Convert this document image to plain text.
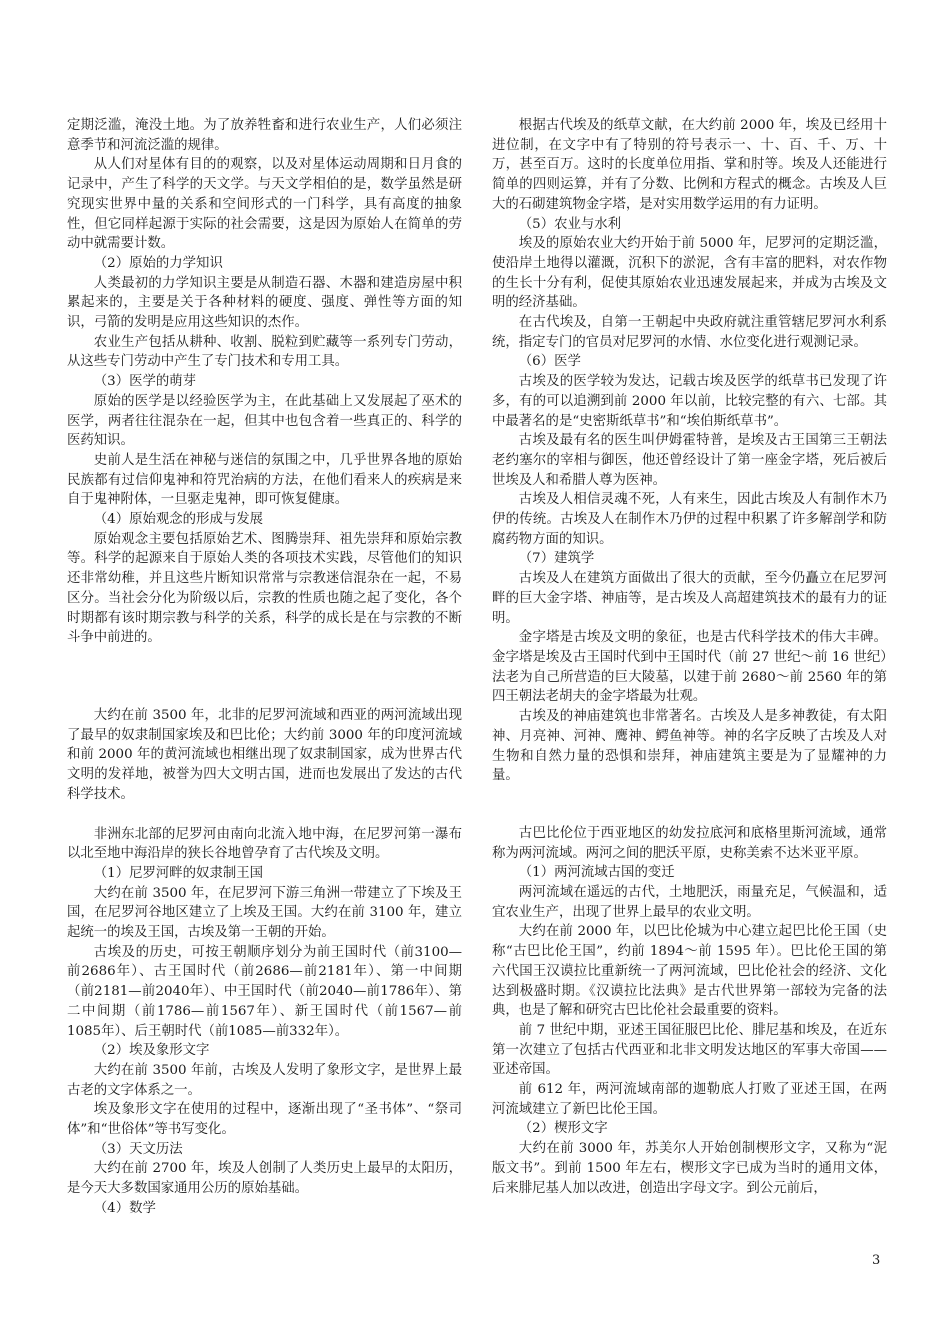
定期泛滥，淹没土地。为了放养牲畜和进行农业生产，人们必须注意季节和河流泛滥的规律。

从人们对星体有目的的观察，以及对星体运动周期和日月食的记录中，产生了科学的天文学。与天文学相伯的是，数学虽然是研究现实世界中量的关系和空间形式的一门科学，具有高度的抽象性，但它同样起源于实际的社会需要，这是因为原始人在简单的劳动中就需要计数。

（2）原始的力学知识

人类最初的力学知识主要是从制造石器、木器和建造房屋中积累起来的，主要是关于各种材料的硬度、强度、弹性等方面的知识，弓箭的发明是应用这些知识的杰作。

农业生产包括从耕种、收割、脱粒到贮藏等一系列专门劳动，从这些专门劳动中产生了专门技术和专用工具。

（3）医学的萌芽

原始的医学是以经验医学为主，在此基础上又发展起了巫术的医学，两者往往混杂在一起，但其中也包含着一些真正的、科学的医药知识。

史前人是生活在神秘与迷信的氛围之中，几乎世界各地的原始民族都有过信仰鬼神和符咒治病的方法，在他们看来人的疾病是来自于鬼神附体，一旦驱走鬼神，即可恢复健康。

（4）原始观念的形成与发展

原始观念主要包括原始艺术、图腾崇拜、祖先崇拜和原始宗教等。科学的起源来自于原始人类的各项技术实践，尽管他们的知识还非常幼稚，并且这些片断知识常常与宗教迷信混杂在一起，不易区分。当社会分化为阶级以后，宗教的性质也随之起了变化，各个时期都有该时期宗教与科学的关系，科学的成长是在与宗教的不断斗争中前进的。

大约在前 3500 年，北非的尼罗河流域和西亚的两河流域出现了最早的奴隶制国家埃及和巴比伦；大约前 3000 年的印度河流域和前 2000 年的黄河流域也相继出现了奴隶制国家，成为世界古代文明的发祥地，被誉为四大文明古国，进而也发展出了发达的古代科学技术。

非洲东北部的尼罗河由南向北流入地中海，在尼罗河第一瀑布以北至地中海沿岸的狭长谷地曾孕育了古代埃及文明。

（1）尼罗河畔的奴隶制王国

大约在前 3500 年，在尼罗河下游三角洲一带建立了下埃及王国，在尼罗河谷地区建立了上埃及王国。大约在前 3100 年，建立起统一的埃及王国，古埃及第一王朝的开始。

古埃及的历史，可按王朝顺序划分为前王国时代（前3100—前2686年）、古王国时代（前2686—前2181年）、第一中间期（前2181—前2040年）、中王国时代（前2040—前1786年）、第二中间期（前1786—前1567年）、新王国时代（前1567—前1085年）、后王朝时代（前1085—前332年）。

（2）埃及象形文字

大约在前 3500 年前，古埃及人发明了象形文字，是世界上最古老的文字体系之一。

埃及象形文字在使用的过程中，逐渐出现了“圣书体”、“祭司体”和“世俗体”等书写变化。

（3）天文历法

大约在前 2700 年，埃及人创制了人类历史上最早的太阳历，是今天大多数国家通用公历的原始基础。

（4）数学

根据古代埃及的纸草文献，在大约前 2000 年，埃及已经用十进位制，在文字中有了特别的符号表示一、十、百、千、万、十万，甚至百万。这时的长度单位用指、掌和肘等。埃及人还能进行简单的四则运算，并有了分数、比例和方程式的概念。古埃及人巨大的石砌建筑物金字塔，是对实用数学运用的有力证明。

（5）农业与水利

埃及的原始农业大约开始于前 5000 年，尼罗河的定期泛滥，使沿岸土地得以灌溉，沉积下的淤泥，含有丰富的肥料，对农作物的生长十分有利，促使其原始农业迅速发展起来，并成为古埃及文明的经济基础。

在古代埃及，自第一王朝起中央政府就注重管辖尼罗河水利系统，指定专门的官员对尼罗河的水情、水位变化进行观测记录。

（6）医学

古埃及的医学较为发达，记载古埃及医学的纸草书已发现了许多，有的可以追溯到前 2000 年以前，比较完整的有六、七部。其中最著名的是“史密斯纸草书”和“埃伯斯纸草书”。

古埃及最有名的医生叫伊姆霍特普，是埃及古王国第三王朝法老约塞尔的宰相与御医，他还曾经设计了第一座金字塔，死后被后世埃及人和希腊人尊为医神。

古埃及人相信灵魂不死，人有来生，因此古埃及人有制作木乃伊的传统。古埃及人在制作木乃伊的过程中积累了许多解剖学和防腐药物方面的知识。

（7）建筑学

古埃及人在建筑方面做出了很大的贡献，至今仍矗立在尼罗河畔的巨大金字塔、神庙等，是古埃及人高超建筑技术的最有力的证明。

金字塔是古埃及文明的象征，也是古代科学技术的伟大丰碑。金字塔是埃及古王国时代到中王国时代（前 27 世纪～前 16 世纪）法老为自己所营造的巨大陵墓，以建于前 2680～前 2560 年的第四王朝法老胡夫的金字塔最为壮观。

古埃及的神庙建筑也非常著名。古埃及人是多神教徒，有太阳神、月亮神、河神、鹰神、鳄鱼神等。神的名字反映了古埃及人对生物和自然力量的恐惧和崇拜，神庙建筑主要是为了显耀神的力量。

古巴比伦位于西亚地区的幼发拉底河和底格里斯河流域，通常称为两河流域。两河之间的肥沃平原，史称美索不达米亚平原。

（1）两河流域古国的变迁

两河流域在遥远的古代，土地肥沃，雨量充足，气候温和，适宜农业生产，出现了世界上最早的农业文明。

大约在前 2000 年，以巴比伦城为中心建立起巴比伦王国（史称“古巴比伦王国”，约前 1894～前 1595 年）。巴比伦王国的第六代国王汉谟拉比重新统一了两河流域，巴比伦社会的经济、文化达到极盛时期。《汉谟拉比法典》是古代世界第一部较为完备的法典，也是了解和研究古巴比伦社会最重要的资料。

前 7 世纪中期，亚述王国征服巴比伦、腓尼基和埃及，在近东第一次建立了包括古代西亚和北非文明发达地区的军事大帝国——亚述帝国。

前 612 年，两河流域南部的迦勒底人打败了亚述王国，在两河流域建立了新巴比伦王国。

（2）楔形文字

大约在前 3000 年，苏美尔人开始创制楔形文字，又称为“泥版文书”。到前 1500 年左右，楔形文字已成为当时的通用文体，后来腓尼基人加以改进，创造出字母文字。到公元前后，

3
